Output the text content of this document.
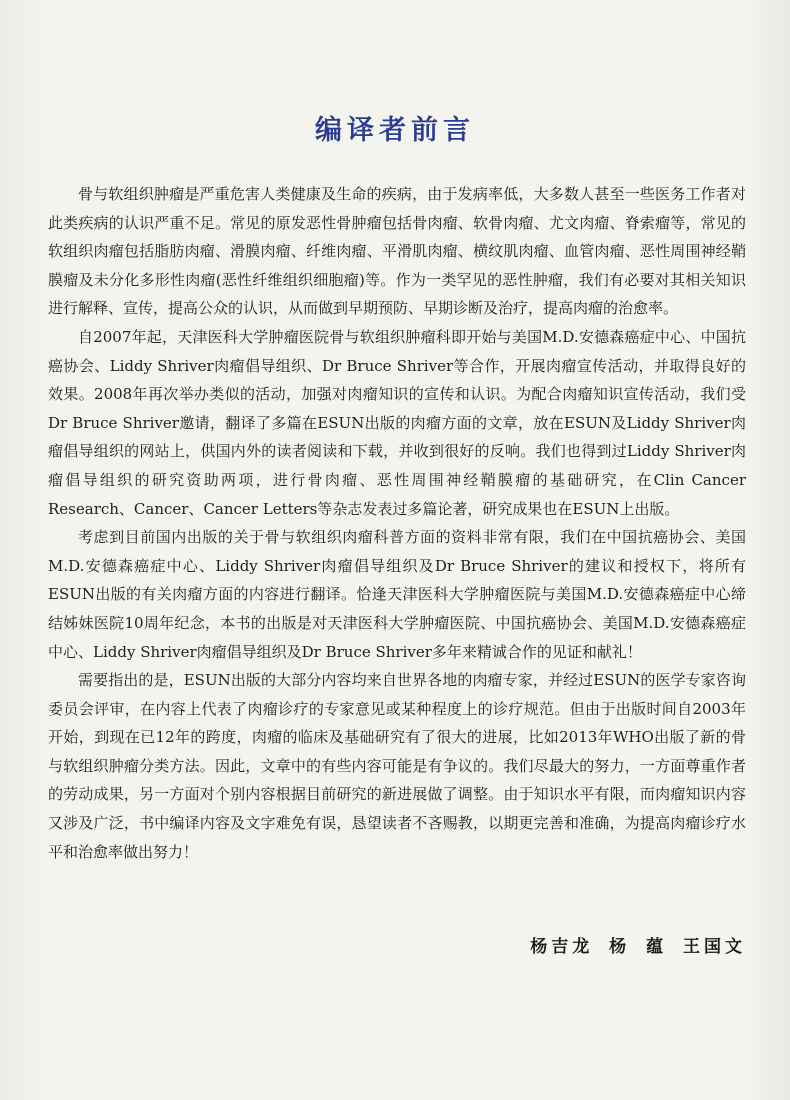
编译者前言

骨与软组织肿瘤是严重危害人类健康及生命的疾病，由于发病率低，大多数人甚至一些医务工作者对此类疾病的认识严重不足。常见的原发恶性骨肿瘤包括骨肉瘤、软骨肉瘤、尤文肉瘤、脊索瘤等，常见的软组织肉瘤包括脂肪肉瘤、滑膜肉瘤、纤维肉瘤、平滑肌肉瘤、横纹肌肉瘤、血管肉瘤、恶性周围神经鞘膜瘤及未分化多形性肉瘤(恶性纤维组织细胞瘤)等。作为一类罕见的恶性肿瘤，我们有必要对其相关知识进行解释、宣传，提高公众的认识，从而做到早期预防、早期诊断及治疗，提高肉瘤的治愈率。

自2007年起，天津医科大学肿瘤医院骨与软组织肿瘤科即开始与美国M.D.安德森癌症中心、中国抗癌协会、Liddy Shriver肉瘤倡导组织、Dr Bruce Shriver等合作，开展肉瘤宣传活动，并取得良好的效果。2008年再次举办类似的活动，加强对肉瘤知识的宣传和认识。为配合肉瘤知识宣传活动，我们受Dr Bruce Shriver邀请，翻译了多篇在ESUN出版的肉瘤方面的文章，放在ESUN及Liddy Shriver肉瘤倡导组织的网站上，供国内外的读者阅读和下载，并收到很好的反响。我们也得到过Liddy Shriver肉瘤倡导组织的研究资助两项，进行骨肉瘤、恶性周围神经鞘膜瘤的基础研究，在Clin Cancer Research、Cancer、Cancer Letters等杂志发表过多篇论著，研究成果也在ESUN上出版。

考虑到目前国内出版的关于骨与软组织肉瘤科普方面的资料非常有限，我们在中国抗癌协会、美国M.D.安德森癌症中心、Liddy Shriver肉瘤倡导组织及Dr Bruce Shriver的建议和授权下，将所有ESUN出版的有关肉瘤方面的内容进行翻译。恰逢天津医科大学肿瘤医院与美国M.D.安德森癌症中心缔结姊妹医院10周年纪念，本书的出版是对天津医科大学肿瘤医院、中国抗癌协会、美国M.D.安德森癌症中心、Liddy Shriver肉瘤倡导组织及Dr Bruce Shriver多年来精诚合作的见证和献礼！

需要指出的是，ESUN出版的大部分内容均来自世界各地的肉瘤专家，并经过ESUN的医学专家咨询委员会评审，在内容上代表了肉瘤诊疗的专家意见或某种程度上的诊疗规范。但由于出版时间自2003年开始，到现在已12年的跨度，肉瘤的临床及基础研究有了很大的进展，比如2013年WHO出版了新的骨与软组织肿瘤分类方法。因此，文章中的有些内容可能是有争议的。我们尽最大的努力，一方面尊重作者的劳动成果，另一方面对个别内容根据目前研究的新进展做了调整。由于知识水平有限，而肉瘤知识内容又涉及广泛，书中编译内容及文字难免有误，恳望读者不吝赐教，以期更完善和准确，为提高肉瘤诊疗水平和治愈率做出努力！

杨吉龙 杨 蕴 王国文
